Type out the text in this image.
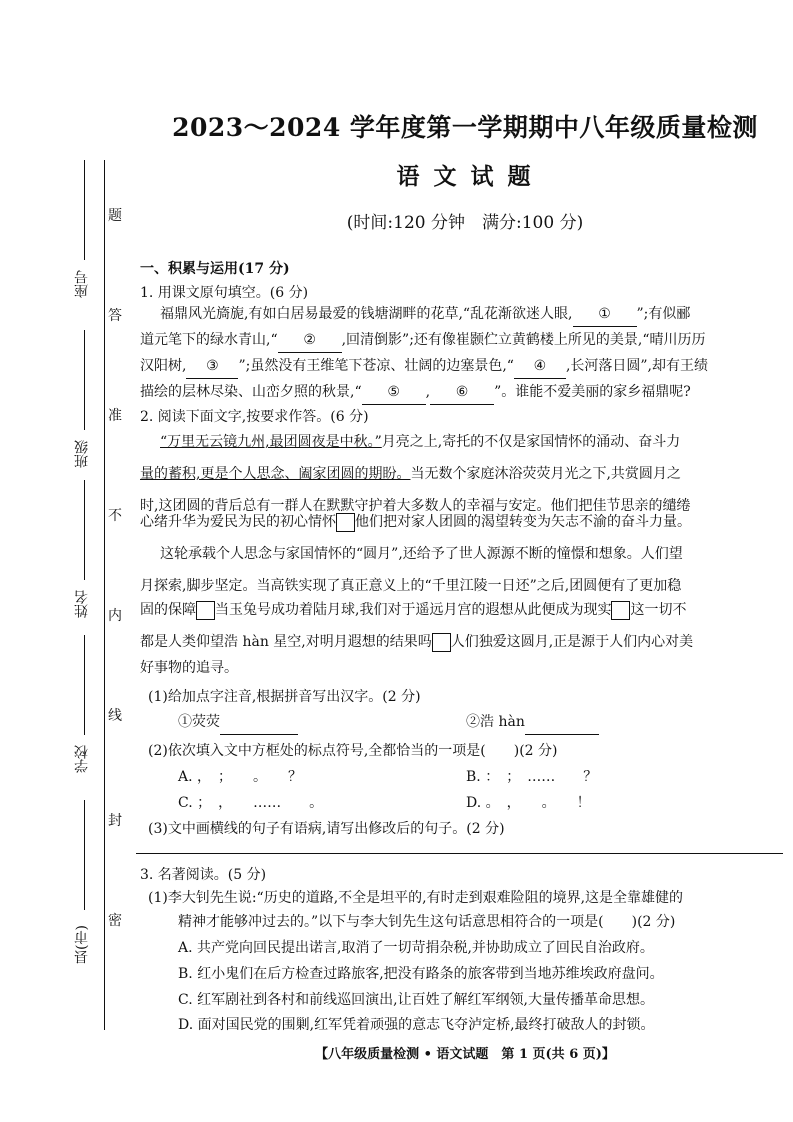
题
座号
答
准
班级
不
姓名 内
线
学校
封
县(市)
密
2023～2024 学年度第一学期期中八年级质量检测
语 文 试 题
(时间:120 分钟　满分:100 分)
一、积累与运用(17 分)
1. 用课文原句填空。(6 分)
福鼎风光旖旎,有如白居易最爱的钱塘湖畔的花草,“乱花渐欲迷人眼, ① ”;有似郦
道元笔下的绿水青山,“ ② ,回清倒影”;还有像崔颢伫立黄鹤楼上所见的美景,“晴川历历
汉阳树, ③ ”;虽然没有王维笔下苍凉、壮阔的边塞景色,“ ④ ,长河落日圆”,却有王绩
描绘的层林尽染、山峦夕照的秋景,“ ⑤ , ⑥ ”。谁能不爱美丽的家乡福鼎呢?
2. 阅读下面文字,按要求作答。(6 分)
“万里无云镜九州,最团圆夜是中秋。”月亮之上,寄托的不仅是家国情怀的涌动、奋斗力
量的蓄积,更是个人思念、阖家团圆的期盼。当无数个家庭沐浴荧荧月光之下,共赏圆月之
时,这团圆的背后总有一群人在默默守护着大多数人的幸福与安定。他们把佳节思亲的缱绻
心绪升华为爱民为民的初心情怀 他们把对家人团圆的渴望转变为矢志不渝的奋斗力量。
这轮承载个人思念与家国情怀的“圆月”,还给予了世人源源不断的憧憬和想象。人们望
月探索,脚步坚定。当高铁实现了真正意义上的“千里江陵一日还”之后,团圆便有了更加稳
固的保障 当玉兔号成功着陆月球,我们对于遥远月宫的遐想从此便成为现实 这一切不
都是人类仰望浩 hàn 星空,对明月遐想的结果吗 人们独爱这圆月,正是源于人们内心对美
好事物的追寻。
(1)给加点字注音,根据拼音写出汉字。(2 分)
①荧荧	②浩 hàn
(2)依次填入文中方框处的标点符号,全都恰当的一项是(　　)(2 分)
A. ，　；　　。　　？	B. ：　；　……　　？
C. ；　，　　……　　。	D. 。　，　　。　　！
(3)文中画横线的句子有语病,请写出修改后的句子。(2 分)
3. 名著阅读。(5 分)
(1)李大钊先生说:“历史的道路,不全是坦平的,有时走到艰难险阻的境界,这是全靠雄健的
精神才能够冲过去的。”以下与李大钊先生这句话意思相符合的一项是(　　)(2 分)
A. 共产党向回民提出诺言,取消了一切苛捐杂税,并协助成立了回民自治政府。
B. 红小鬼们在后方检查过路旅客,把没有路条的旅客带到当地苏维埃政府盘问。
C. 红军剧社到各村和前线巡回演出,让百姓了解红军纲领,大量传播革命思想。
D. 面对国民党的围剿,红军凭着顽强的意志飞夺泸定桥,最终打破敌人的封锁。
【八年级质量检测 • 语文试题　第 1 页(共 6 页)】
